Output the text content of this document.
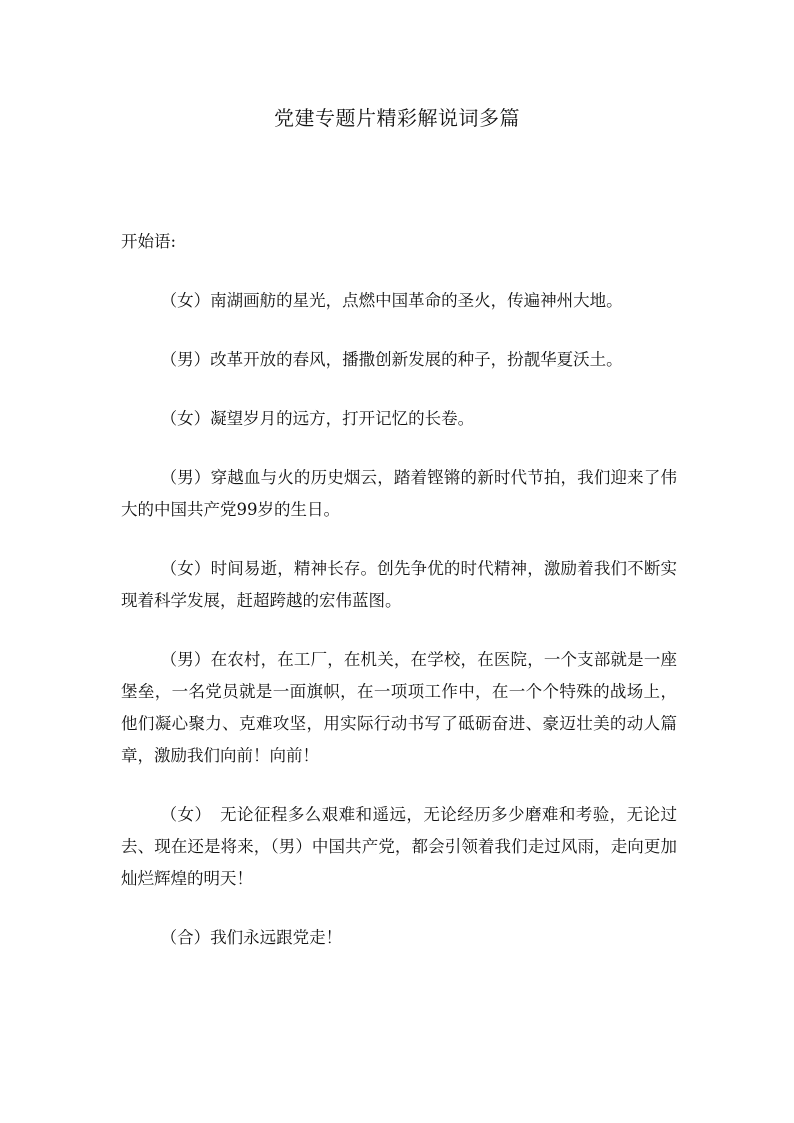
党建专题片精彩解说词多篇

开始语:

（女）南湖画舫的星光，点燃中国革命的圣火，传遍神州大地。

（男）改革开放的春风，播撒创新发展的种子，扮靓华夏沃土。

（女）凝望岁月的远方，打开记忆的长卷。

（男）穿越血与火的历史烟云，踏着铿锵的新时代节拍，我们迎来了伟大的中国共产党99岁的生日。

（女）时间易逝，精神长存。创先争优的时代精神，激励着我们不断实现着科学发展，赶超跨越的宏伟蓝图。

（男）在农村，在工厂，在机关，在学校，在医院，一个支部就是一座堡垒，一名党员就是一面旗帜，在一项项工作中，在一个个特殊的战场上，他们凝心聚力、克难攻坚，用实际行动书写了砥砺奋进、豪迈壮美的动人篇章，激励我们向前！向前！

（女）　无论征程多么艰难和遥远，无论经历多少磨难和考验，无论过去、现在还是将来，（男）中国共产党，都会引领着我们走过风雨，走向更加灿烂辉煌的明天！

（合）我们永远跟党走！
